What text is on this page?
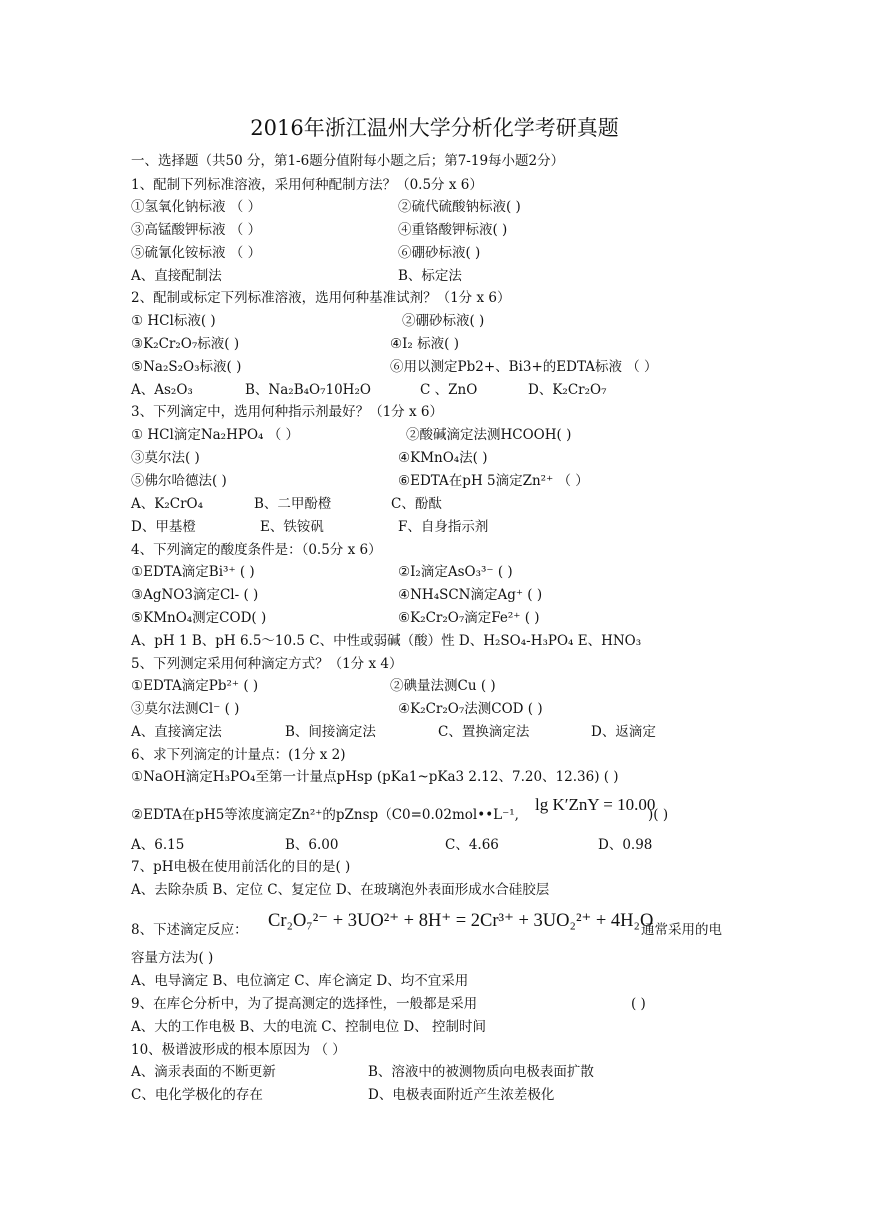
2016年浙江温州大学分析化学考研真题
一、选择题（共50 分，第1-6题分值附每小题之后；第7-19每小题2分）
1、配制下列标准溶液，采用何种配制方法？（0.5分 x 6）
①氢氧化钠标液 （ ）	②硫代硫酸钠标液( )
③高锰酸钾标液 （ ）	④重铬酸钾标液( )
⑤硫氰化铵标液 （ ）	⑥硼砂标液( )
A、直接配制法	B、标定法
2、配制或标定下列标准溶液，选用何种基准试剂？（1分 x 6）
① HCl标液( )	②硼砂标液( )
③K₂Cr₂O₇标液( )	④I₂ 标液( )
⑤Na₂S₂O₃标液( )	⑥用以测定Pb2+、Bi3+的EDTA标液 （ ）
A、As₂O₃	B、Na₂B₄O₇10H₂O	C 、ZnO	D、K₂Cr₂O₇
3、下列滴定中，选用何种指示剂最好？（1分 x 6）
① HCl滴定Na₂HPO₄ （ ）	②酸碱滴定法测HCOOH( )
③莫尔法( )	④KMnO₄法( )
⑤佛尔哈德法( )	⑥EDTA在pH 5滴定Zn²⁺ （ ）
A、K₂CrO₄	B、二甲酚橙	C、酚酞
D、甲基橙	E、铁铵矾	F、自身指示剂
4、下列滴定的酸度条件是：（0.5分 x 6）
①EDTA滴定Bi³⁺ ( )	②I₂滴定AsO₃³⁻ ( )
③AgNO3滴定Cl- ( )	④NH₄SCN滴定Ag⁺ ( )
⑤KMnO₄测定COD( )	⑥K₂Cr₂O₇滴定Fe²⁺ ( )
A、pH 1 B、pH 6.5～10.5 C、中性或弱碱（酸）性 D、H₂SO₄-H₃PO₄ E、HNO₃
5、下列测定采用何种滴定方式？（1分 x 4）
①EDTA滴定Pb²⁺ ( )	②碘量法测Cu ( )
③莫尔法测Cl⁻ ( )	④K₂Cr₂O₇法测COD ( )
A、直接滴定法	B、间接滴定法	C、置换滴定法	D、返滴定
6、求下列滴定的计量点：(1分 x 2)
①NaOH滴定H₃PO₄至第一计量点pHsp (pKa1~pKa3 2.12、7.20、12.36) ( )
②EDTA在pH5等浓度滴定Zn²⁺的pZnsp（C0=0.02mol••L⁻¹,
lg K′ZnY = 10.00
)( )
A、6.15	B、6.00	C、4.66	D、0.98
7、pH电极在使用前活化的目的是( )
A、去除杂质 B、定位 C、复定位 D、在玻璃泡外表面形成水合硅胶层
8、下述滴定反应： Cr₂O₇²⁻ + 3UO²⁺ + 8H⁺ = 2Cr³⁺ + 3UO₂²⁺ + 4H₂O
通常采用的电
容量方法为( )
A、电导滴定 B、电位滴定 C、库仑滴定 D、均不宜采用
9、在库仑分析中，为了提高测定的选择性，一般都是采用	( )
A、大的工作电极 B、大的电流 C、控制电位 D、 控制时间
10、极谱波形成的根本原因为 （ ）
A、滴汞表面的不断更新	B、溶液中的被测物质向电极表面扩散
C、电化学极化的存在	D、电极表面附近产生浓差极化
